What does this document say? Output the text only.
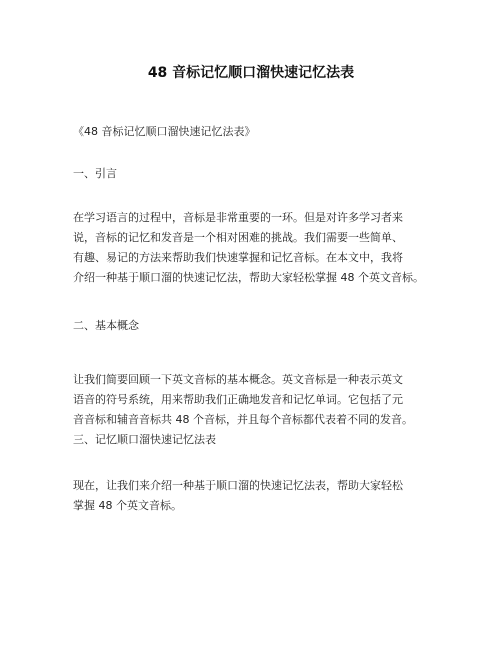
48 音标记忆顺口溜快速记忆法表
《48 音标记忆顺口溜快速记忆法表》
一、引言
在学习语言的过程中，音标是非常重要的一环。但是对许多学习者来
说，音标的记忆和发音是一个相对困难的挑战。我们需要一些简单、
有趣、易记的方法来帮助我们快速掌握和记忆音标。在本文中，我将
介绍一种基于顺口溜的快速记忆法，帮助大家轻松掌握 48 个英文音标。
二、基本概念
让我们简要回顾一下英文音标的基本概念。英文音标是一种表示英文
语音的符号系统，用来帮助我们正确地发音和记忆单词。它包括了元
音音标和辅音音标共 48 个音标，并且每个音标都代表着不同的发音。
三、记忆顺口溜快速记忆法表
现在，让我们来介绍一种基于顺口溜的快速记忆法表，帮助大家轻松
掌握 48 个英文音标。
